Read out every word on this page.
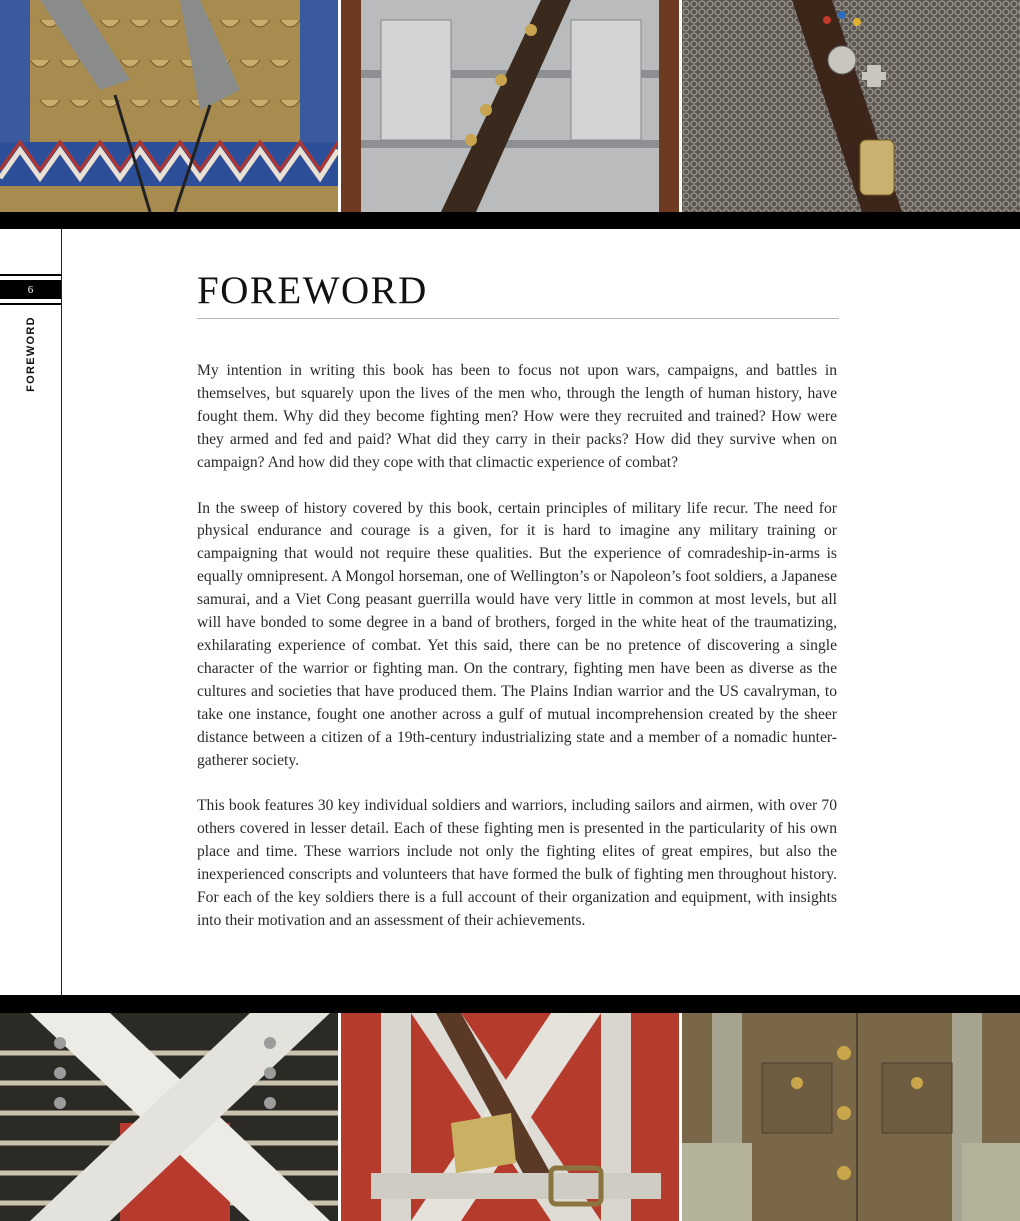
6
FOREWORD
FOREWORD

My intention in writing this book has been to focus not upon wars, campaigns, and battles in themselves, but squarely upon the lives of the men who, through the length of human history, have fought them. Why did they become fighting men? How were they recruited and trained? How were they armed and fed and paid? What did they carry in their packs? How did they survive when on campaign? And how did they cope with that climactic experience of combat?

In the sweep of history covered by this book, certain principles of military life recur. The need for physical endurance and courage is a given, for it is hard to imagine any military training or campaigning that would not require these qualities. But the experience of comradeship-in-arms is equally omnipresent. A Mongol horseman, one of Wellington’s or Napoleon’s foot soldiers, a Japanese samurai, and a Viet Cong peasant guerrilla would have very little in common at most levels, but all will have bonded to some degree in a band of brothers, forged in the white heat of the traumatizing, exhilarating experience of combat. Yet this said, there can be no pretence of discovering a single character of the warrior or fighting man. On the contrary, fighting men have been as diverse as the cultures and societies that have produced them. The Plains Indian warrior and the US cavalryman, to take one instance, fought one another across a gulf of mutual incomprehension created by the sheer distance between a citizen of a 19th-century industrializing state and a member of a nomadic hunter-gatherer society.

This book features 30 key individual soldiers and warriors, including sailors and airmen, with over 70 others covered in lesser detail. Each of these fighting men is presented in the particularity of his own place and time. These warriors include not only the fighting elites of great empires, but also the inexperienced conscripts and volunteers that have formed the bulk of fighting men throughout history. For each of the key soldiers there is a full account of their organization and equipment, with insights into their motivation and an assessment of their achievements.
